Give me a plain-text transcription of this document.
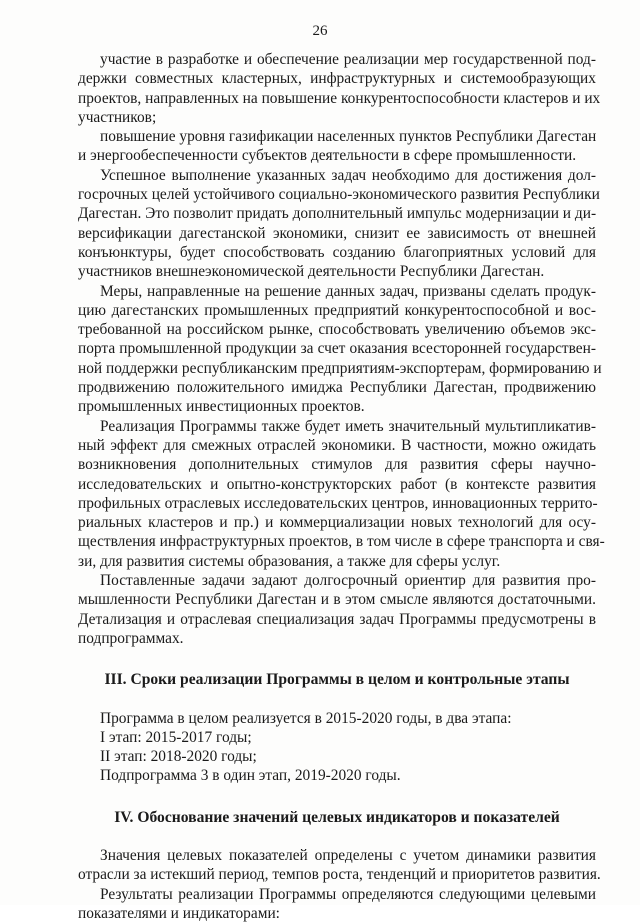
26
участие в разработке и обеспечение реализации мер государственной под-
держки совместных кластерных, инфраструктурных и системообразующих
проектов, направленных на повышение конкурентоспособности кластеров и их
участников;
повышение уровня газификации населенных пунктов Республики Дагестан
и энергообеспеченности субъектов деятельности в сфере промышленности.
Успешное выполнение указанных задач необходимо для достижения дол-
госрочных целей устойчивого социально-экономического развития Республики
Дагестан. Это позволит придать дополнительный импульс модернизации и ди-
версификации дагестанской экономики, снизит ее зависимость от внешней
конъюнктуры, будет способствовать созданию благоприятных условий для
участников внешнеэкономической деятельности Республики Дагестан.
Меры, направленные на решение данных задач, призваны сделать продук-
цию дагестанских промышленных предприятий конкурентоспособной и вос-
требованной на российском рынке, способствовать увеличению объемов экс-
порта промышленной продукции за счет оказания всесторонней государствен-
ной поддержки республиканским предприятиям-экспортерам, формированию и
продвижению положительного имиджа Республики Дагестан, продвижению
промышленных инвестиционных проектов.
Реализация Программы также будет иметь значительный мультипликатив-
ный эффект для смежных отраслей экономики. В частности, можно ожидать
возникновения дополнительных стимулов для развития сферы научно-
исследовательских и опытно-конструкторских работ (в контексте развития
профильных отраслевых исследовательских центров, инновационных террито-
риальных кластеров и пр.) и коммерциализации новых технологий для осу-
ществления инфраструктурных проектов, в том числе в сфере транспорта и свя-
зи, для развития системы образования, а также для сферы услуг.
Поставленные задачи задают долгосрочный ориентир для развития про-
мышленности Республики Дагестан и в этом смысле являются достаточными.
Детализация и отраслевая специализация задач Программы предусмотрены в
подпрограммах.
III. Сроки реализации Программы в целом и контрольные этапы
Программа в целом реализуется в 2015-2020 годы, в два этапа:
I этап: 2015-2017 годы;
II этап: 2018-2020 годы;
Подпрограмма 3 в один этап, 2019-2020 годы.
IV. Обоснование значений целевых индикаторов и показателей
Значения целевых показателей определены с учетом динамики развития
отрасли за истекший период, темпов роста, тенденций и приоритетов развития.
Результаты реализации Программы определяются следующими целевыми
показателями и индикаторами:
